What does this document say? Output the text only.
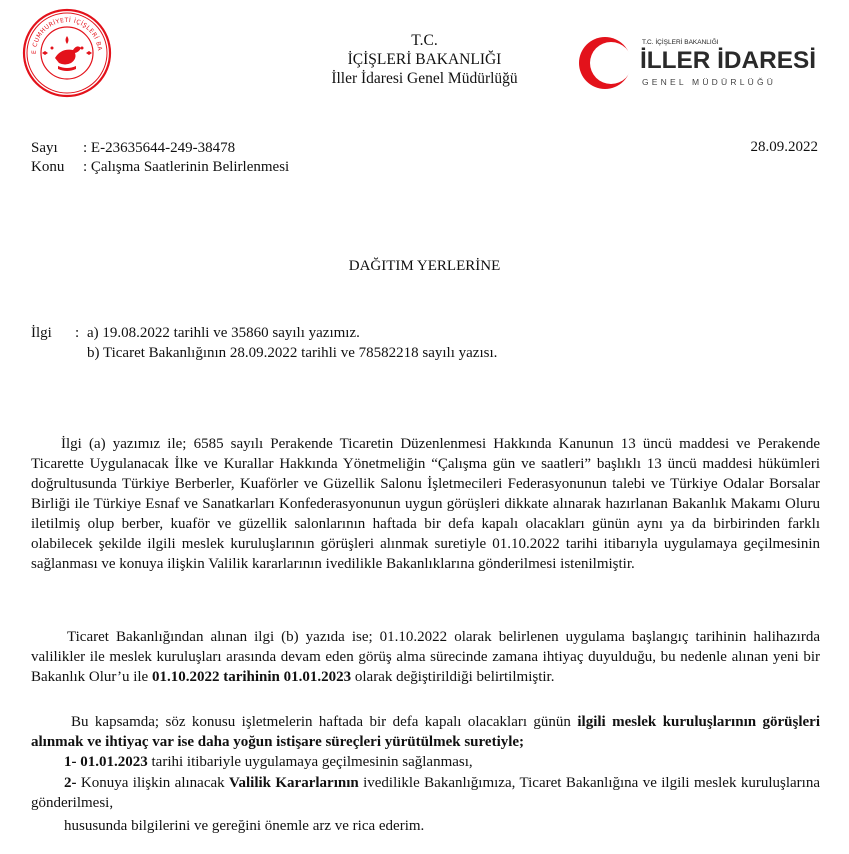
E CUMHURİYETİ İÇİŞLERİ BA	T.C.
İÇİŞLERİ BAKANLIĞI
İller İdaresi Genel Müdürlüğü
T.C. İÇİŞLERİ BAKANLIĞI
İLLER İDARESİ
GENEL MÜDÜRLÜĞÜ
Sayı : E-23635644-249-38478
Konu : Çalışma Saatlerinin Belirlenmesi
28.09.2022
DAĞITIM YERLERİNE
İlgi : a) 19.08.2022 tarihli ve 35860 sayılı yazımız.
b) Ticaret Bakanlığının 28.09.2022 tarihli ve 78582218 sayılı yazısı.

İlgi (a) yazımız ile; 6585 sayılı Perakende Ticaretin Düzenlenmesi Hakkında Kanunun 13 üncü maddesi ve Perakende Ticarette Uygulanacak İlke ve Kurallar Hakkında Yönetmeliğin “Çalışma gün ve saatleri” başlıklı 13 üncü maddesi hükümleri doğrultusunda Türkiye Berberler, Kuaförler ve Güzellik Salonu İşletmecileri Federasyonunun talebi ve Türkiye Odalar Borsalar Birliği ile Türkiye Esnaf ve Sanatkarları Konfederasyonunun uygun görüşleri dikkate alınarak hazırlanan Bakanlık Makamı Oluru iletilmiş olup berber, kuaför ve güzellik salonlarının haftada bir defa kapalı olacakları günün aynı ya da birbirinden farklı olabilecek şekilde ilgili meslek kuruluşlarının görüşleri alınmak suretiyle 01.10.2022 tarihi itibarıyla uygulamaya geçilmesinin sağlanması ve konuya ilişkin Valilik kararlarının ivedilikle Bakanlıklarına gönderilmesi istenilmiştir.

Ticaret Bakanlığından alınan ilgi (b) yazıda ise; 01.10.2022 olarak belirlenen uygulama başlangıç tarihinin halihazırda valilikler ile meslek kuruluşları arasında devam eden görüş alma sürecinde zamana ihtiyaç duyulduğu, bu nedenle alınan yeni bir Bakanlık Olur’u ile 01.10.2022 tarihinin 01.01.2023 olarak değiştirildiği belirtilmiştir.

Bu kapsamda; söz konusu işletmelerin haftada bir defa kapalı olacakları günün ilgili meslek kuruluşlarının görüşleri alınmak ve ihtiyaç var ise daha yoğun istişare süreçleri yürütülmek suretiyle;

1- 01.01.2023 tarihi itibariyle uygulamaya geçilmesinin sağlanması,

2- Konuya ilişkin alınacak Valilik Kararlarının ivedilikle Bakanlığımıza, Ticaret Bakanlığına ve ilgili meslek kuruluşlarına gönderilmesi,

hususunda bilgilerini ve gereğini önemle arz ve rica ederim.
